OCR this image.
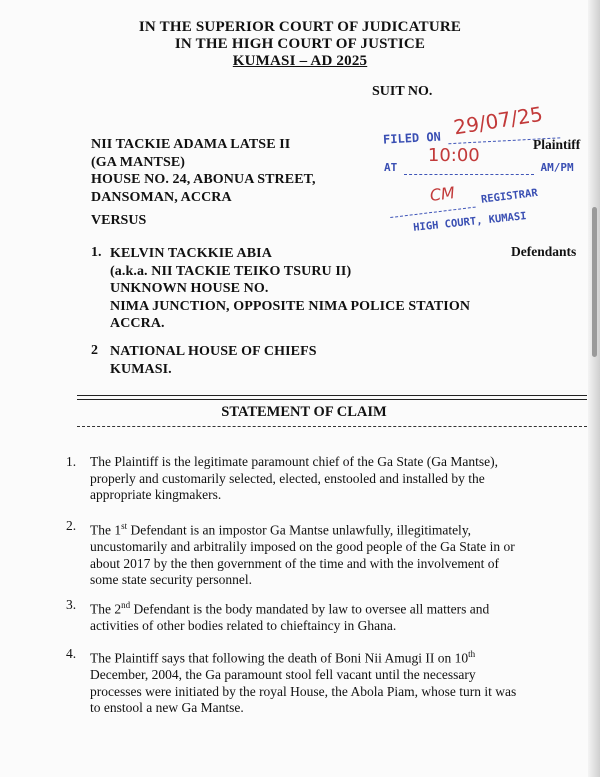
IN THE SUPERIOR COURT OF JUDICATURE
IN THE HIGH COURT OF JUSTICE
KUMASI – AD 2025
SUIT NO.
FILED ON 29/07/25

AT
10:00
AM/PM
CM REGISTRAR
HIGH COURT, KUMASI
NII TACKIE ADAMA LATSE II
(GA MANTSE)
HOUSE NO. 24, ABONUA STREET,
DANSOMAN, ACCRA
Plaintiff
VERSUS
1. KELVIN TACKKIE ABIA
(a.k.a. NII TACKIE TEIKO TSURU II)
UNKNOWN HOUSE NO.
NIMA JUNCTION, OPPOSITE NIMA POLICE STATION
ACCRA.
Defendants
2 NATIONAL HOUSE OF CHIEFS
KUMASI.
STATEMENT OF CLAIM
1. The Plaintiff is the legitimate paramount chief of the Ga State (Ga Mantse),
properly and customarily selected, elected, enstooled and installed by the
appropriate kingmakers.
2. The 1st Defendant is an impostor Ga Mantse unlawfully, illegitimately,
uncustomarily and arbitralily imposed on the good people of the Ga State in or
about 2017 by the then government of the time and with the involvement of
some state security personnel.
3. The 2nd Defendant is the body mandated by law to oversee all matters and
activities of other bodies related to chieftaincy in Ghana.
4. The Plaintiff says that following the death of Boni Nii Amugi II on 10th
December, 2004, the Ga paramount stool fell vacant until the necessary
processes were initiated by the royal House, the Abola Piam, whose turn it was
to enstool a new Ga Mantse.
